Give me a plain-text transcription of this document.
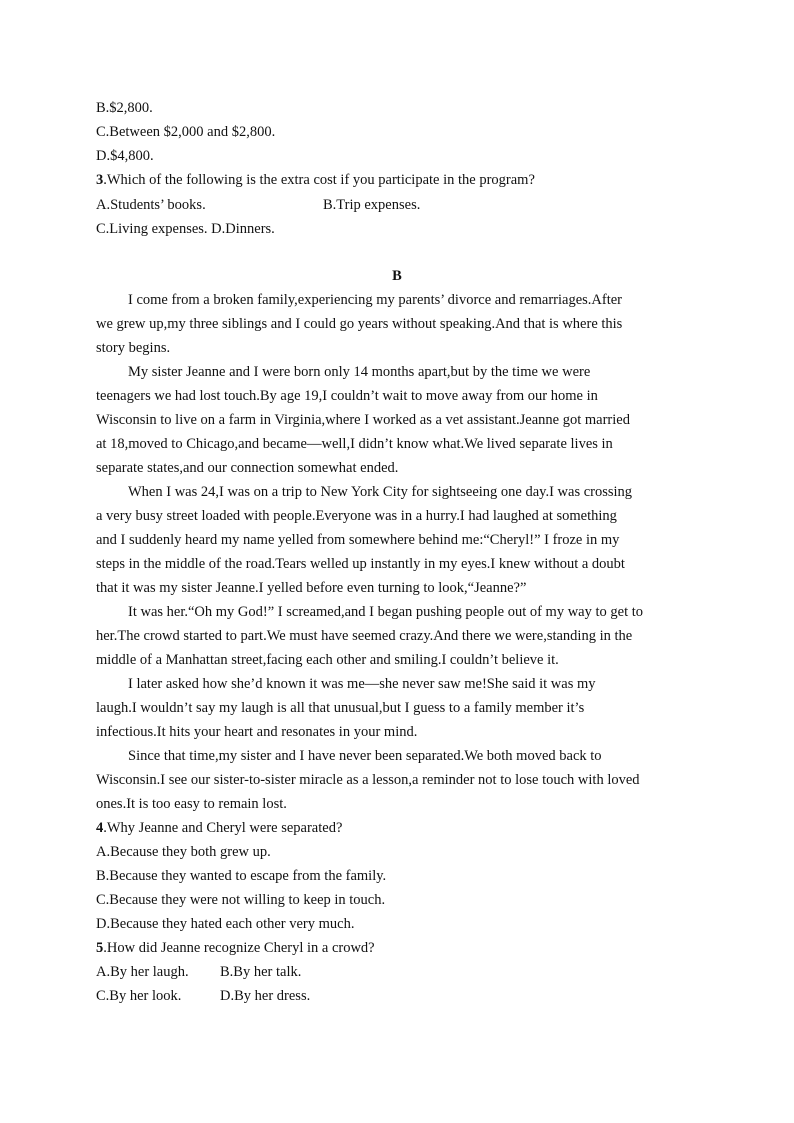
B.$2,800.
C.Between $2,000 and $2,800.
D.$4,800.
3.Which of the following is the extra cost if you participate in the program?
A.Students’ books.	B.Trip expenses.
C.Living expenses. D.Dinners.
B
I come from a broken family,experiencing my parents’ divorce and remarriages.After
we grew up,my three siblings and I could go years without speaking.And that is where this
story begins.
My sister Jeanne and I were born only 14 months apart,but by the time we were
teenagers we had lost touch.By age 19,I couldn’t wait to move away from our home in
Wisconsin to live on a farm in Virginia,where I worked as a vet assistant.Jeanne got married
at 18,moved to Chicago,and became—well,I didn’t know what.We lived separate lives in
separate states,and our connection somewhat ended.
When I was 24,I was on a trip to New York City for sightseeing one day.I was crossing
a very busy street loaded with people.Everyone was in a hurry.I had laughed at something
and I suddenly heard my name yelled from somewhere behind me:“Cheryl!” I froze in my
steps in the middle of the road.Tears welled up instantly in my eyes.I knew without a doubt
that it was my sister Jeanne.I yelled before even turning to look,“Jeanne?”
It was her.“Oh my God!” I screamed,and I began pushing people out of my way to get to
her.The crowd started to part.We must have seemed crazy.And there we were,standing in the
middle of a Manhattan street,facing each other and smiling.I couldn’t believe it.
I later asked how she’d known it was me—she never saw me!She said it was my
laugh.I wouldn’t say my laugh is all that unusual,but I guess to a family member it’s
infectious.It hits your heart and resonates in your mind.
Since that time,my sister and I have never been separated.We both moved back to
Wisconsin.I see our sister-to-sister miracle as a lesson,a reminder not to lose touch with loved
ones.It is too easy to remain lost.
4.Why Jeanne and Cheryl were separated?
A.Because they both grew up.
B.Because they wanted to escape from the family.
C.Because they were not willing to keep in touch.
D.Because they hated each other very much.
5.How did Jeanne recognize Cheryl in a crowd?
A.By her laugh. B.By her talk.
C.By her look.	D.By her dress.
